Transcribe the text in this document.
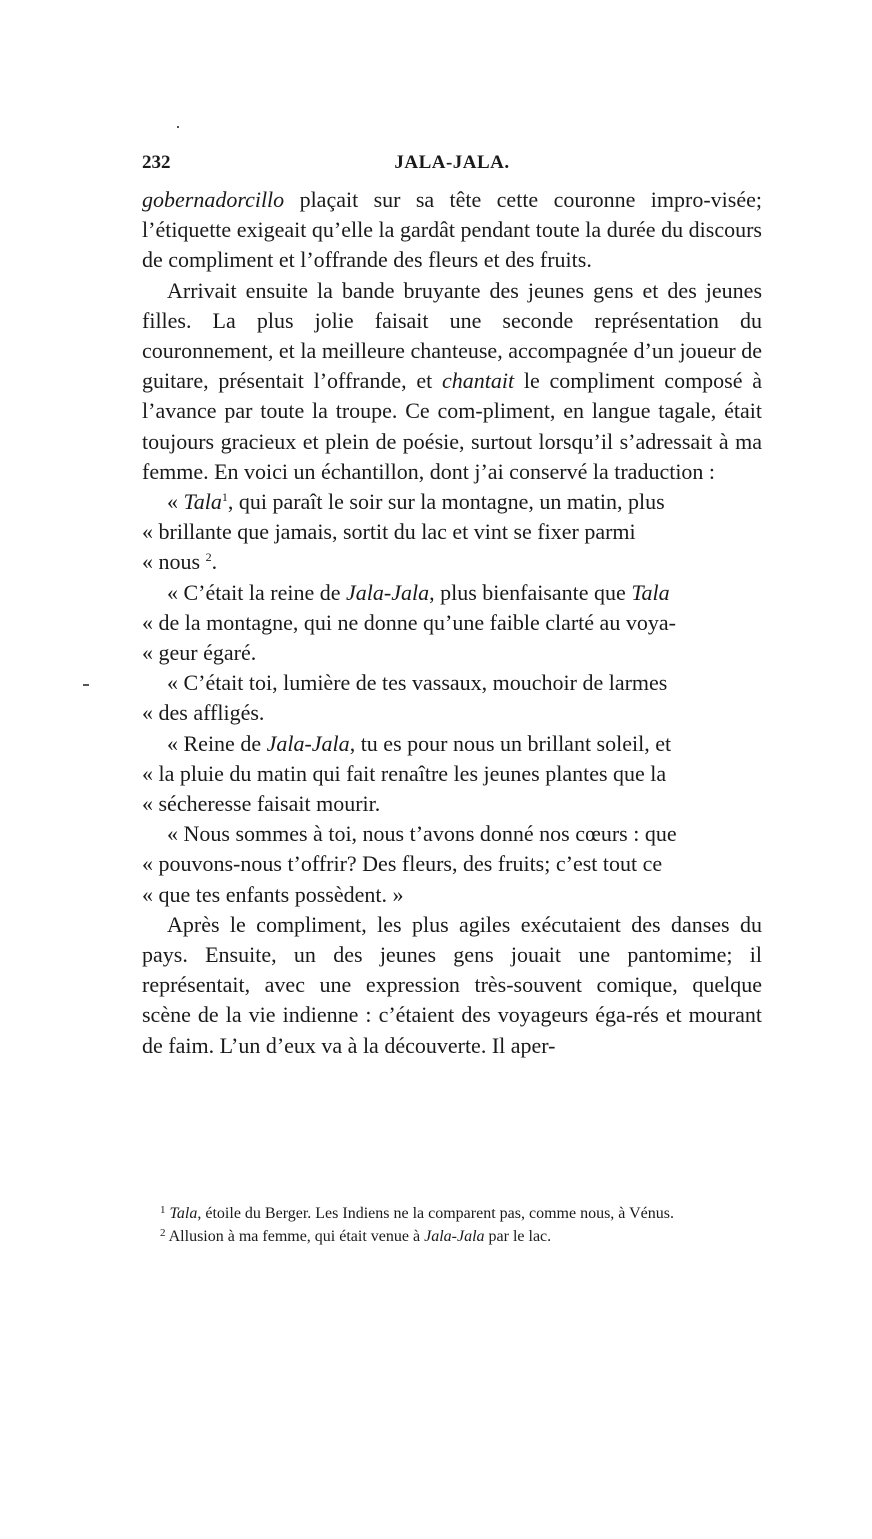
232	JALA-JALA.

gobernadorcillo plaçait sur sa tête cette couronne impro-visée; l’étiquette exigeait qu’elle la gardât pendant toute la durée du discours de compliment et l’offrande des fleurs et des fruits.

Arrivait ensuite la bande bruyante des jeunes gens et des jeunes filles. La plus jolie faisait une seconde représentation du couronnement, et la meilleure chanteuse, accompagnée d’un joueur de guitare, présentait l’offrande, et chantait le compliment composé à l’avance par toute la troupe. Ce com-pliment, en langue tagale, était toujours gracieux et plein de poésie, surtout lorsqu’il s’adressait à ma femme. En voici un échantillon, dont j’ai conservé la traduction :

« Tala$^1$, qui paraît le soir sur la montagne, un matin, plus

« brillante que jamais, sortit du lac et vint se fixer parmi

« nous $^2$.

« C’était la reine de Jala-Jala, plus bienfaisante que Tala

« de la montagne, qui ne donne qu’une faible clarté au voya-

« geur égaré.

« C’était toi, lumière de tes vassaux, mouchoir de larmes

« des affligés.

« Reine de Jala-Jala, tu es pour nous un brillant soleil, et

« la pluie du matin qui fait renaître les jeunes plantes que la

« sécheresse faisait mourir.

« Nous sommes à toi, nous t’avons donné nos cœurs : que

« pouvons-nous t’offrir? Des fleurs, des fruits; c’est tout ce

« que tes enfants possèdent. »

Après le compliment, les plus agiles exécutaient des danses du pays. Ensuite, un des jeunes gens jouait une pantomime; il représentait, avec une expression très-souvent comique, quelque scène de la vie indienne : c’étaient des voyageurs éga-rés et mourant de faim. L’un d’eux va à la découverte. Il aper-

$^1$ Tala, étoile du Berger. Les Indiens ne la comparent pas, comme nous, à Vénus.

$^2$ Allusion à ma femme, qui était venue à Jala-Jala par le lac.
